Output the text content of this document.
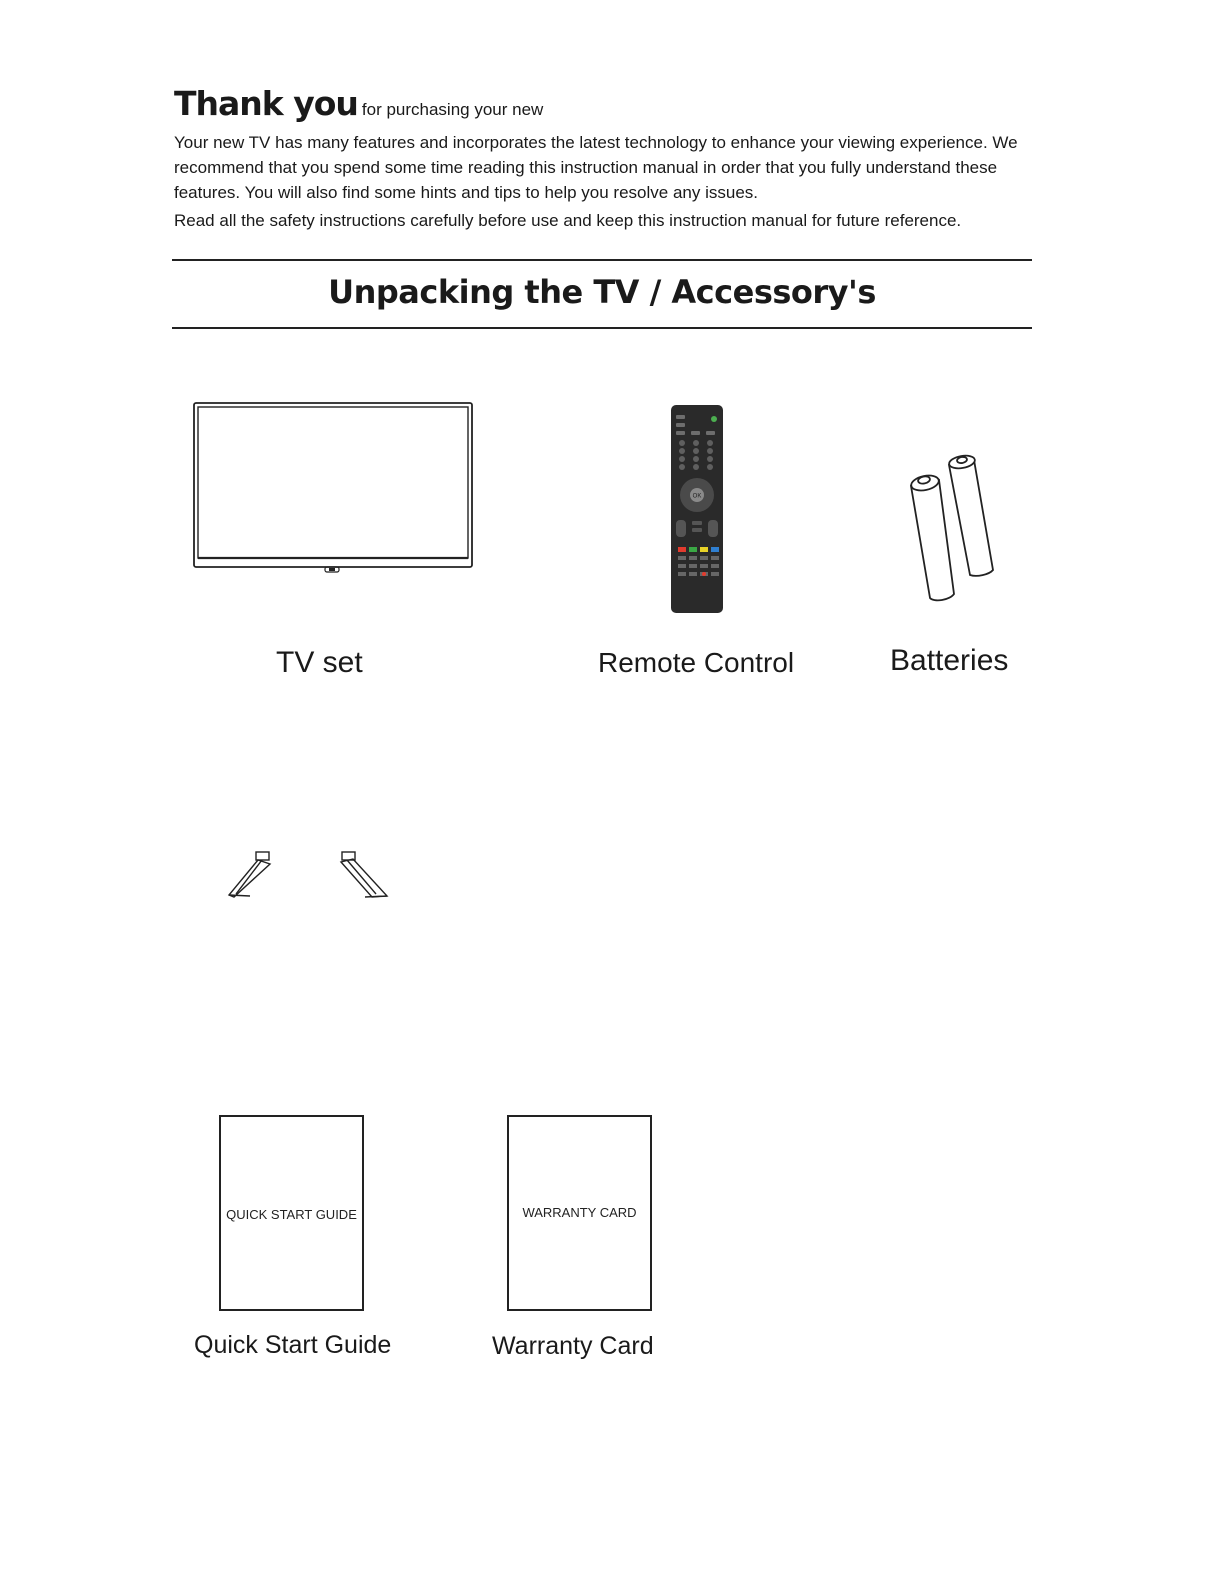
Thank you for purchasing your new
Your new TV has many features and incorporates the latest technology to enhance your viewing experience. We recommend that you spend some time reading this instruction manual in order that you fully understand these features. You will also find some hints and tips to help you resolve any issues.
Read all the safety instructions carefully before use and keep this instruction manual for future reference.
Unpacking the TV / Accessory's
OK
TV set	Remote Control	Batteries
QUICK START GUIDE
Quick Start Guide
WARRANTY CARD
Warranty Card
